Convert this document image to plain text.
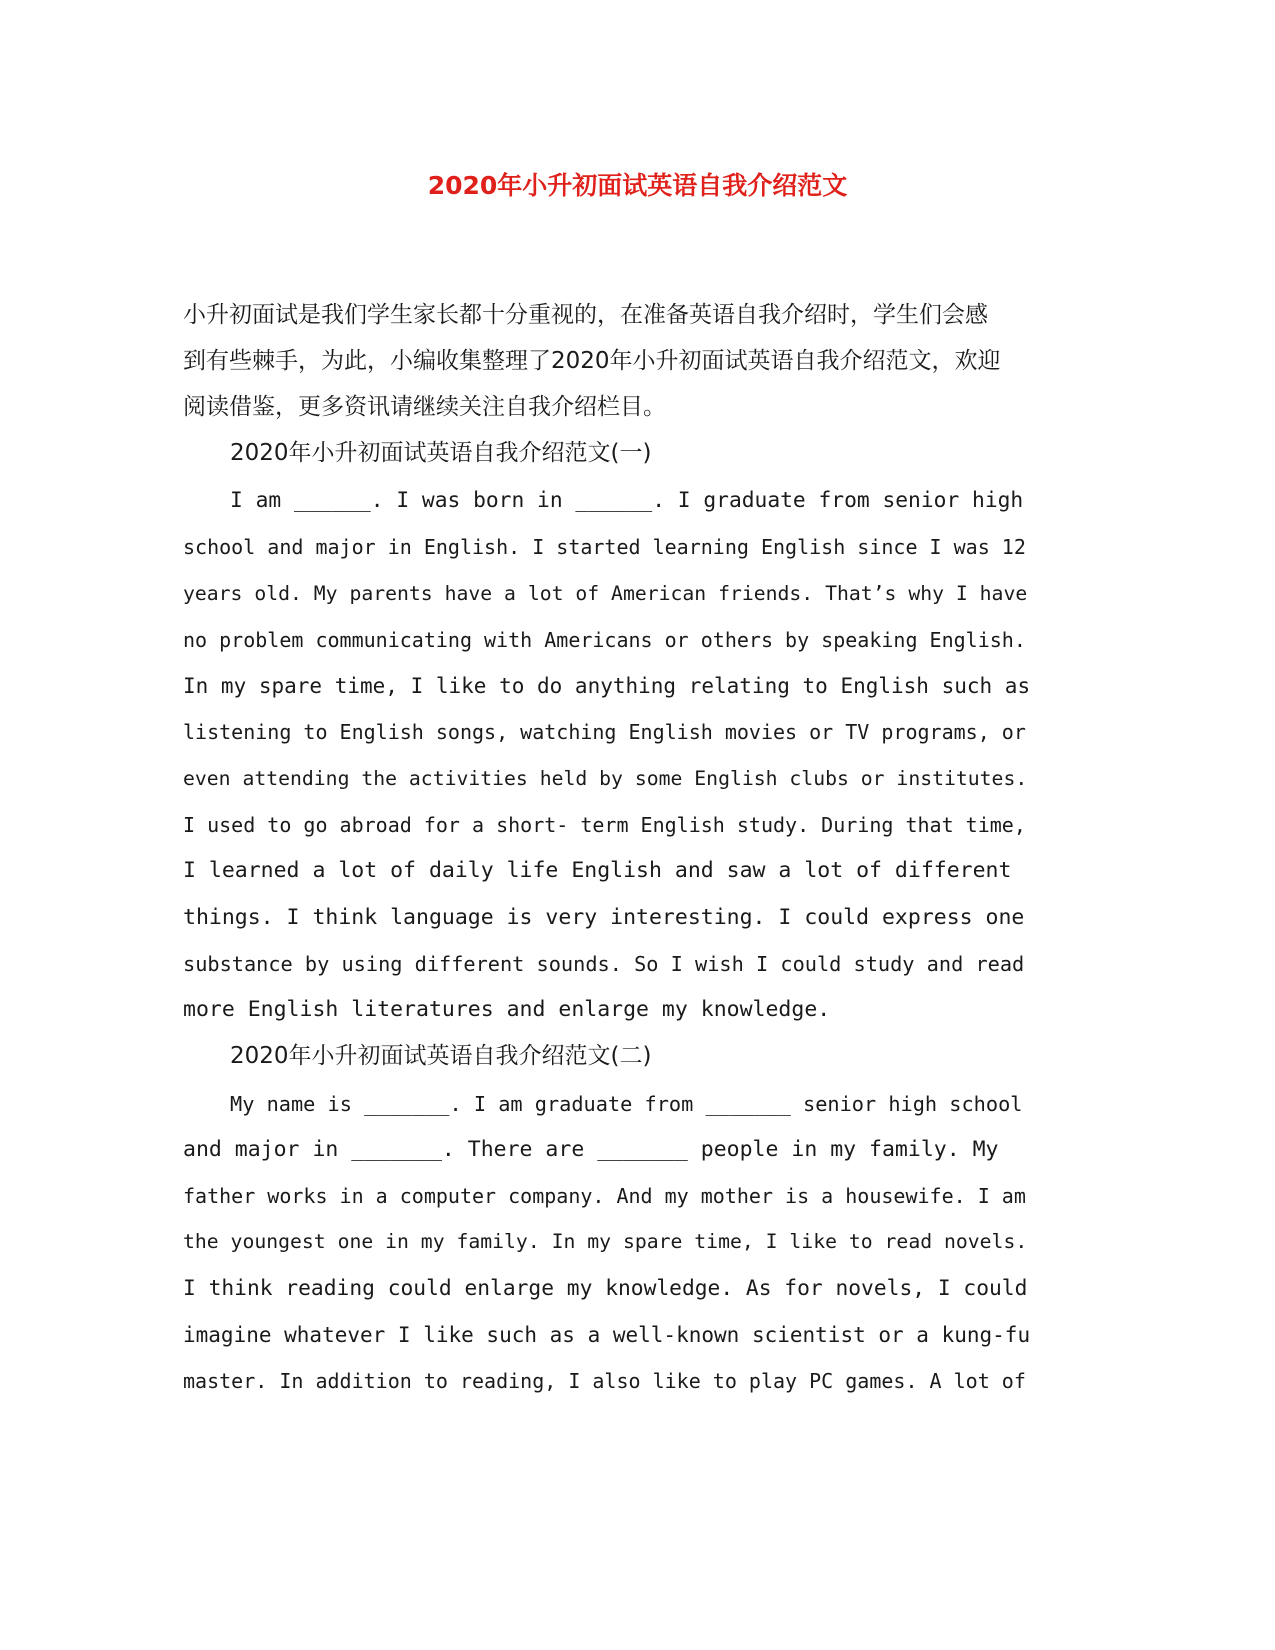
2020年小升初面试英语自我介绍范文
小升初面试是我们学生家长都十分重视的，在准备英语自我介绍时，学生们会感
到有些棘手，为此，小编收集整理了2020年小升初面试英语自我介绍范文，欢迎
阅读借鉴，更多资讯请继续关注自我介绍栏目。
2020年小升初面试英语自我介绍范文(一)
I am ______. I was born in ______. I graduate from senior high
school and major in English. I started learning English since I was 12
years old. My parents have a lot of American friends. That’s why I have
no problem communicating with Americans or others by speaking English.
In my spare time, I like to do anything relating to English such as
listening to English songs, watching English movies or TV programs, or
even attending the activities held by some English clubs or institutes.
I used to go abroad for a short- term English study. During that time,
I learned a lot of daily life English and saw a lot of different
things. I think language is very interesting. I could express one
substance by using different sounds. So I wish I could study and read
more English literatures and enlarge my knowledge.
2020年小升初面试英语自我介绍范文(二)
My name is _______. I am graduate from _______ senior high school
and major in _______. There are _______ people in my family. My
father works in a computer company. And my mother is a housewife. I am
the youngest one in my family. In my spare time, I like to read novels.
I think reading could enlarge my knowledge. As for novels, I could
imagine whatever I like such as a well-known scientist or a kung-fu
master. In addition to reading, I also like to play PC games. A lot of
